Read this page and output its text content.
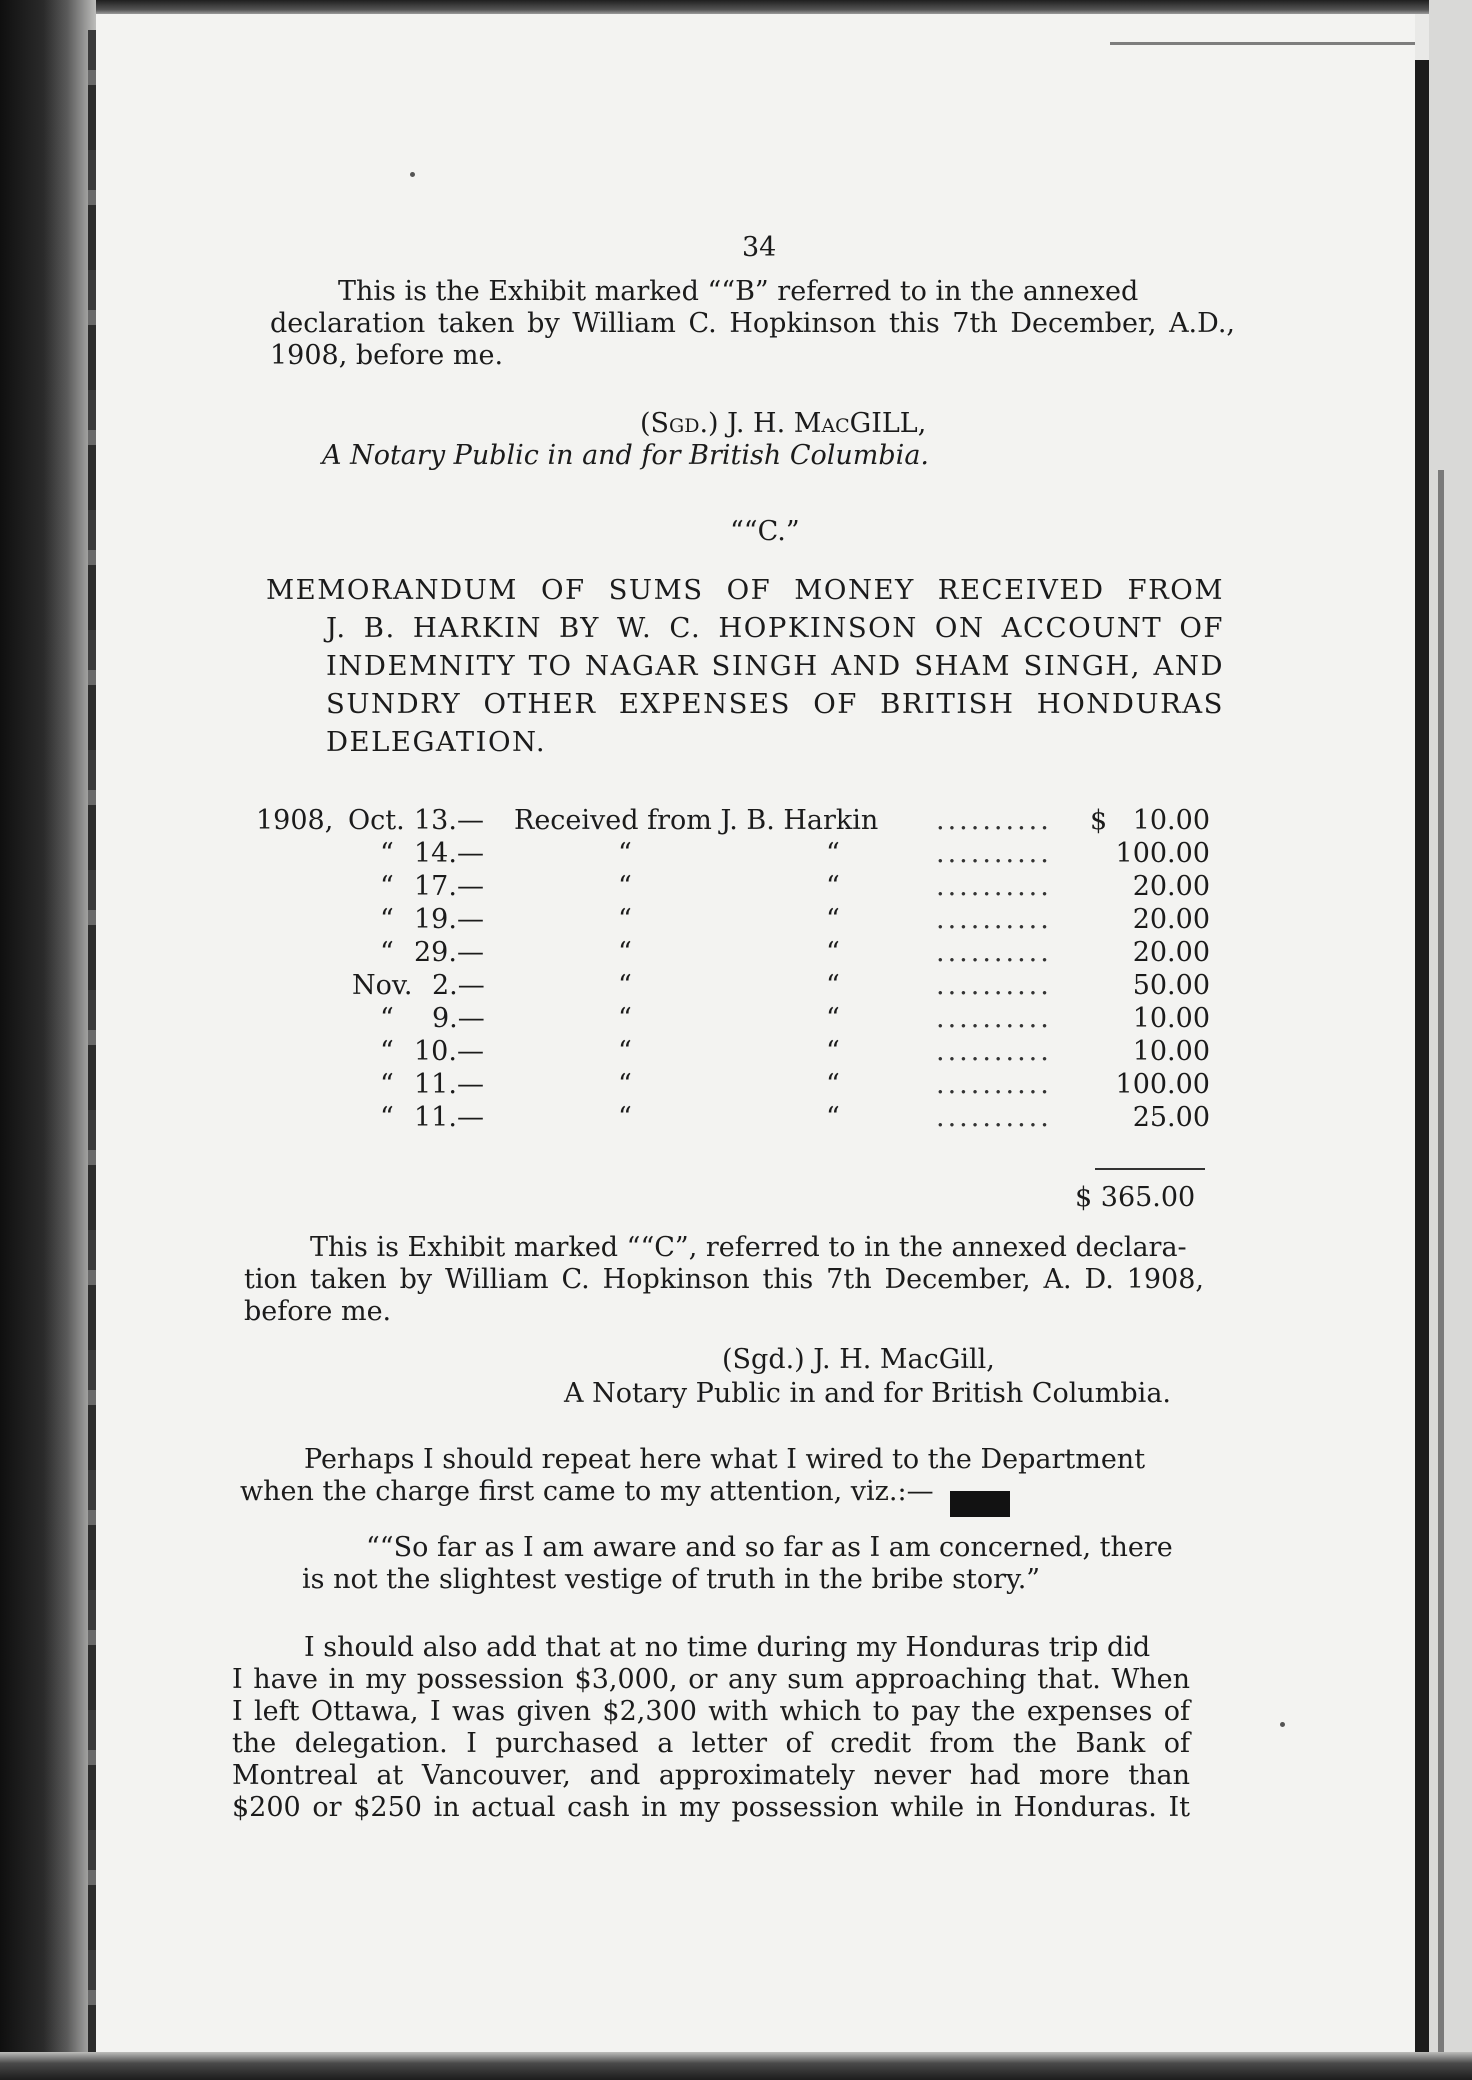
34
This is the Exhibit marked ““B” referred to in the annexed
declaration taken by William C. Hopkinson this 7th December, A.D.,
1908, before me.
(Sgd.) J. H. MacGILL,
A Notary Public in and for British Columbia.
““C.”
MEMORANDUM OF SUMS OF MONEY RECEIVED FROM
J. B. HARKIN BY W. C. HOPKINSON ON ACCOUNT OF
INDEMNITY TO NAGAR SINGH AND SHAM SINGH, AND
SUNDRY OTHER EXPENSES OF BRITISH HONDURAS
DELEGATION.
1908, Oct. 13.— Received from J. B. Harkin .......... $ 10.00
“ 14.—	“	“	.......... 100.00
“ 17.—	“	“	..........	20.00
“ 19.—	“	“	..........	20.00
“ 29.—	“	“	..........	20.00
Nov. 2.—	“	“	..........	50.00
“ 9.—	“	“	..........	10.00
“ 10.—	“	“	..........	10.00
“ 11.—	“	“	.......... 100.00
“ 11.—	“	“	..........	25.00
$ 365.00
This is Exhibit marked ““C”, referred to in the annexed declara-
tion taken by William C. Hopkinson this 7th December, A. D. 1908,
before me.
(Sgd.) J. H. MacGill,
A Notary Public in and for British Columbia.
Perhaps I should repeat here what I wired to the Department
when the charge first came to my attention, viz.:—
““So far as I am aware and so far as I am concerned, there
is not the slightest vestige of truth in the bribe story.”
I should also add that at no time during my Honduras trip did
I have in my possession $3,000, or any sum approaching that. When
I left Ottawa, I was given $2,300 with which to pay the expenses of
the delegation. I purchased a letter of credit from the Bank of
Montreal at Vancouver, and approximately never had more than
$200 or $250 in actual cash in my possession while in Honduras. It
